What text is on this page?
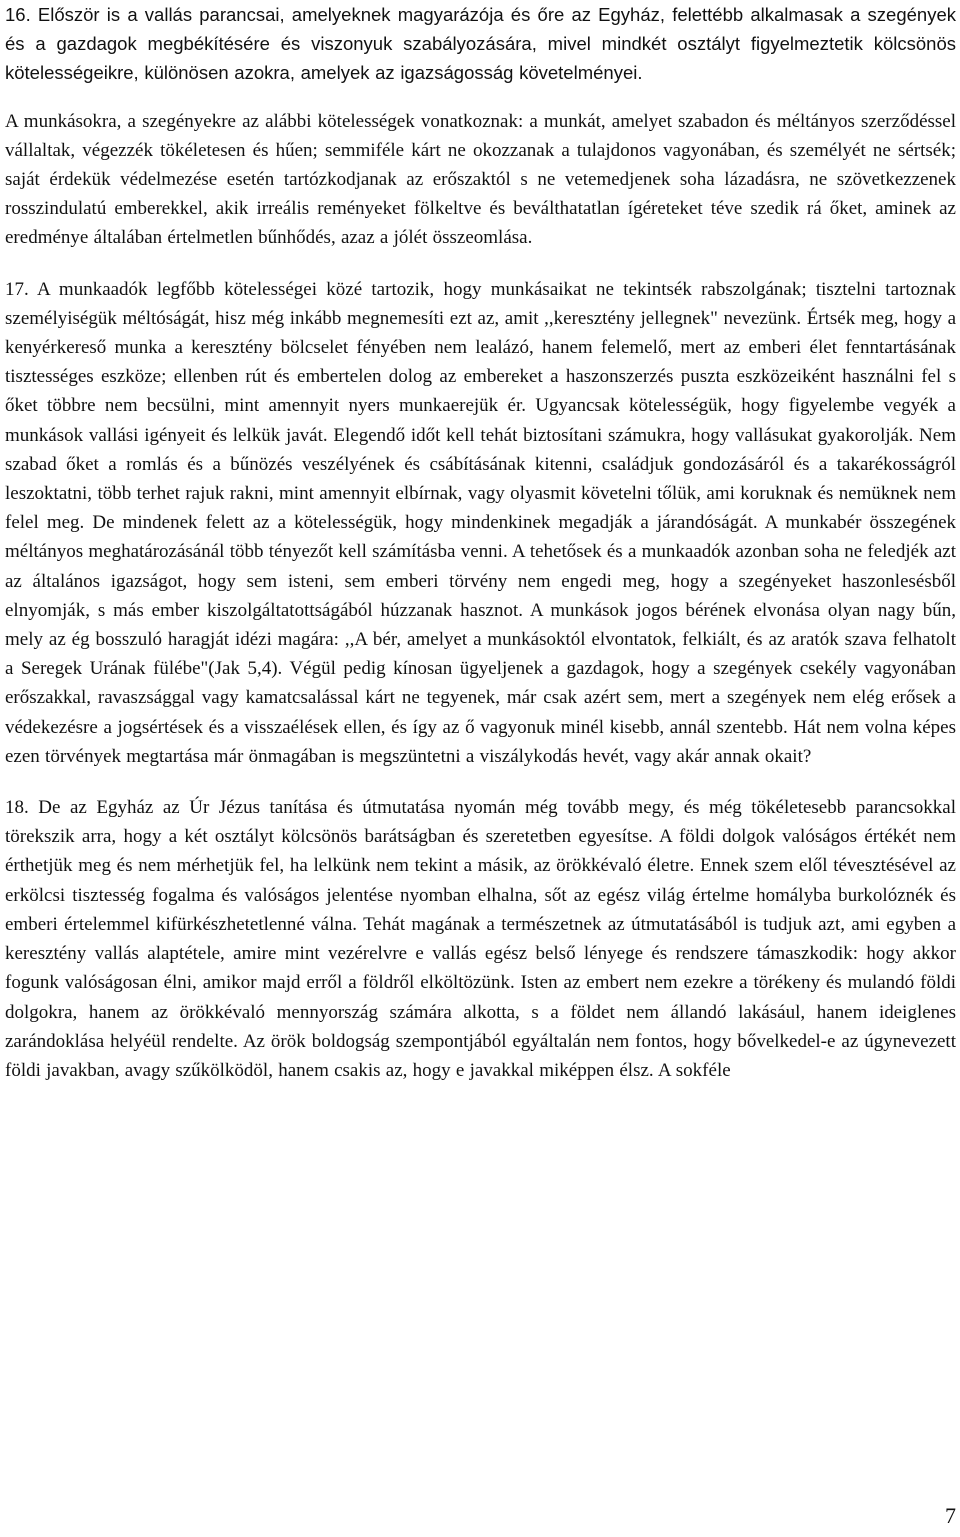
16. Először is a vallás parancsai, amelyeknek magyarázója és őre az Egyház, felettébb alkalmasak a szegények és a gazdagok megbékítésére és viszonyuk szabályozására, mivel mindkét osztályt figyelmeztetik kölcsönös kötelességeikre, különösen azokra, amelyek az igazságosság követelményei.

A munkásokra, a szegényekre az alábbi kötelességek vonatkoznak: a munkát, amelyet szabadon és méltányos szerződéssel vállaltak, végezzék tökéletesen és hűen; semmiféle kárt ne okozzanak a tulajdonos vagyonában, és személyét ne sértsék; saját érdekük védelmezése esetén tartózkodjanak az erőszaktól s ne vetemedjenek soha lázadásra, ne szövetkezzenek rosszindulatú emberekkel, akik irreális reményeket fölkeltve és beválthatatlan ígéreteket téve szedik rá őket, aminek az eredménye általában értelmetlen bűnhődés, azaz a jólét összeomlása.

17. A munkaadók legfőbb kötelességei közé tartozik, hogy munkásaikat ne tekintsék rabszolgának; tisztelni tartoznak személyiségük méltóságát, hisz még inkább megnemesíti ezt az, amit ,,keresztény jellegnek" nevezünk. Értsék meg, hogy a kenyérkereső munka a keresztény bölcselet fényében nem lealázó, hanem felemelő, mert az emberi élet fenntartásának tisztességes eszköze; ellenben rút és embertelen dolog az embereket a haszonszerzés puszta eszközeiként használni fel s őket többre nem becsülni, mint amennyit nyers munkaerejük ér. Ugyancsak kötelességük, hogy figyelembe vegyék a munkások vallási igényeit és lelkük javát. Elegendő időt kell tehát biztosítani számukra, hogy vallásukat gyakorolják. Nem szabad őket a romlás és a bűnözés veszélyének és csábításának kitenni, családjuk gondozásáról és a takarékosságról leszoktatni, több terhet rajuk rakni, mint amennyit elbírnak, vagy olyasmit követelni tőlük, ami koruknak és nemüknek nem felel meg. De mindenek felett az a kötelességük, hogy mindenkinek megadják a járandóságát. A munkabér összegének méltányos meghatározásánál több tényezőt kell számításba venni. A tehetősek és a munkaadók azonban soha ne feledjék azt az általános igazságot, hogy sem isteni, sem emberi törvény nem engedi meg, hogy a szegényeket haszonlesésből elnyomják, s más ember kiszolgáltatottságából húzzanak hasznot. A munkások jogos bérének elvonása olyan nagy bűn, mely az ég bosszuló haragját idézi magára: ,,A bér, amelyet a munkásoktól elvontatok, felkiált, és az aratók szava felhatolt a Seregek Urának fülébe"(Jak 5,4). Végül pedig kínosan ügyeljenek a gazdagok, hogy a szegények csekély vagyonában erőszakkal, ravaszsággal vagy kamatcsalással kárt ne tegyenek, már csak azért sem, mert a szegények nem elég erősek a védekezésre a jogsértések és a visszaélések ellen, és így az ő vagyonuk minél kisebb, annál szentebb. Hát nem volna képes ezen törvények megtartása már önmagában is megszüntetni a viszálykodás hevét, vagy akár annak okait?

18. De az Egyház az Úr Jézus tanítása és útmutatása nyomán még tovább megy, és még tökéletesebb parancsokkal törekszik arra, hogy a két osztályt kölcsönös barátságban és szeretetben egyesítse. A földi dolgok valóságos értékét nem érthetjük meg és nem mérhetjük fel, ha lelkünk nem tekint a másik, az örökkévaló életre. Ennek szem elől tévesztésével az erkölcsi tisztesség fogalma és valóságos jelentése nyomban elhalna, sőt az egész világ értelme homályba burkolóznék és emberi értelemmel kifürkészhetetlenné válna. Tehát magának a természetnek az útmutatásából is tudjuk azt, ami egyben a keresztény vallás alaptétele, amire mint vezérelvre e vallás egész belső lényege és rendszere támaszkodik: hogy akkor fogunk valóságosan élni, amikor majd erről a földről elköltözünk. Isten az embert nem ezekre a törékeny és mulandó földi dolgokra, hanem az örökkévaló mennyország számára alkotta, s a földet nem állandó lakásául, hanem ideiglenes zarándoklása helyéül rendelte. Az örök boldogság szempontjából egyáltalán nem fontos, hogy bővelkedel-e az úgynevezett földi javakban, avagy szűkölködöl, hanem csakis az, hogy e javakkal miképpen élsz. A sokféle

7
